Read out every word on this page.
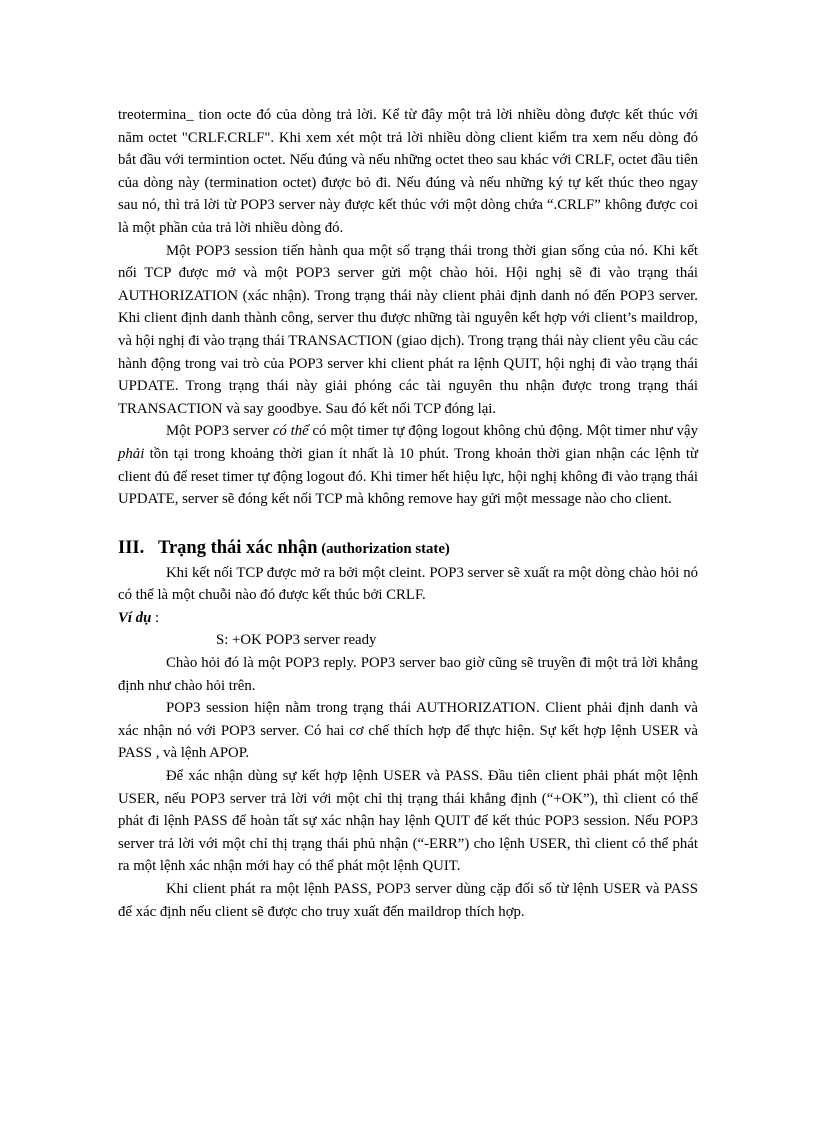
treotermina_ tion octe đó của dòng trả lời. Kể từ đây một trả lời nhiều dòng được kết thúc với năm octet "CRLF.CRLF". Khi xem xét một trả lời nhiều dòng client kiểm tra xem nếu dòng đó bắt đầu với termintion octet. Nếu đúng và nếu những octet theo sau khác với CRLF, octet đầu tiên của dòng này (termination octet) được bỏ đi. Nếu đúng và nếu những ký tự kết thúc theo ngay sau nó, thì trả lời từ POP3 server này được kết thúc với một dòng chứa “.CRLF” không được coi là một phần của trả lời nhiều dòng đó.

Một POP3 session tiến hành qua một số trạng thái trong thời gian sống của nó. Khi kết nối TCP được mở và một POP3 server gửi một chào hỏi. Hội nghị sẽ đi vào trạng thái AUTHORIZATION (xác nhận). Trong trạng thái này client phải định danh nó đến POP3 server. Khi client định danh thành công, server thu được những tài nguyên kết hợp với client’s maildrop, và hội nghị đi vào trạng thái TRANSACTION (giao dịch). Trong trạng thái này client yêu cầu các hành động trong vai trò của POP3 server khi client phát ra lệnh QUIT, hội nghị đi vào trạng thái UPDATE. Trong trạng thái này giải phóng các tài nguyên thu nhận được trong trạng thái TRANSACTION và say goodbye. Sau đó kết nối TCP đóng lại.

Một POP3 server có thể có một timer tự động logout không chủ động. Một timer như vậy phải tồn tại trong khoảng thời gian ít nhất là 10 phút. Trong khoản thời gian nhận các lệnh từ client đủ để reset timer tự động logout đó. Khi timer hết hiệu lực, hội nghị không đi vào trạng thái UPDATE, server sẽ đóng kết nối TCP mà không remove hay gửi một message nào cho client.

III. Trạng thái xác nhận (authorization state)

Khi kết nối TCP được mở ra bởi một cleint. POP3 server sẽ xuất ra một dòng chào hỏi nó có thể là một chuỗi nào đó được kết thúc bởi CRLF.

Ví dụ :

S: +OK POP3 server ready

Chào hỏi đó là một POP3 reply. POP3 server bao giờ cũng sẽ truyền đi một trả lời khẳng định như chào hỏi trên.

POP3 session hiện nằm trong trạng thái AUTHORIZATION. Client phải định danh và xác nhận nó với POP3 server. Có hai cơ chế thích hợp để thực hiện. Sự kết hợp lệnh USER và PASS , và lệnh APOP.

Để xác nhận dùng sự kết hợp lệnh USER và PASS. Đầu tiên client phải phát một lệnh USER, nếu POP3 server trả lời với một chỉ thị trạng thái khẳng định (“+OK”), thì client có thể phát đi lệnh PASS để hoàn tất sự xác nhận hay lệnh QUIT để kết thúc POP3 session. Nếu POP3 server trả lời với một chỉ thị trạng thái phủ nhận (“-ERR”) cho lệnh USER, thì client có thể phát ra một lệnh xác nhận mới hay có thể phát một lệnh QUIT.

Khi client phát ra một lệnh PASS, POP3 server dùng cặp đối số từ lệnh USER và PASS để xác định nếu client sẽ được cho truy xuất đến maildrop thích hợp.
